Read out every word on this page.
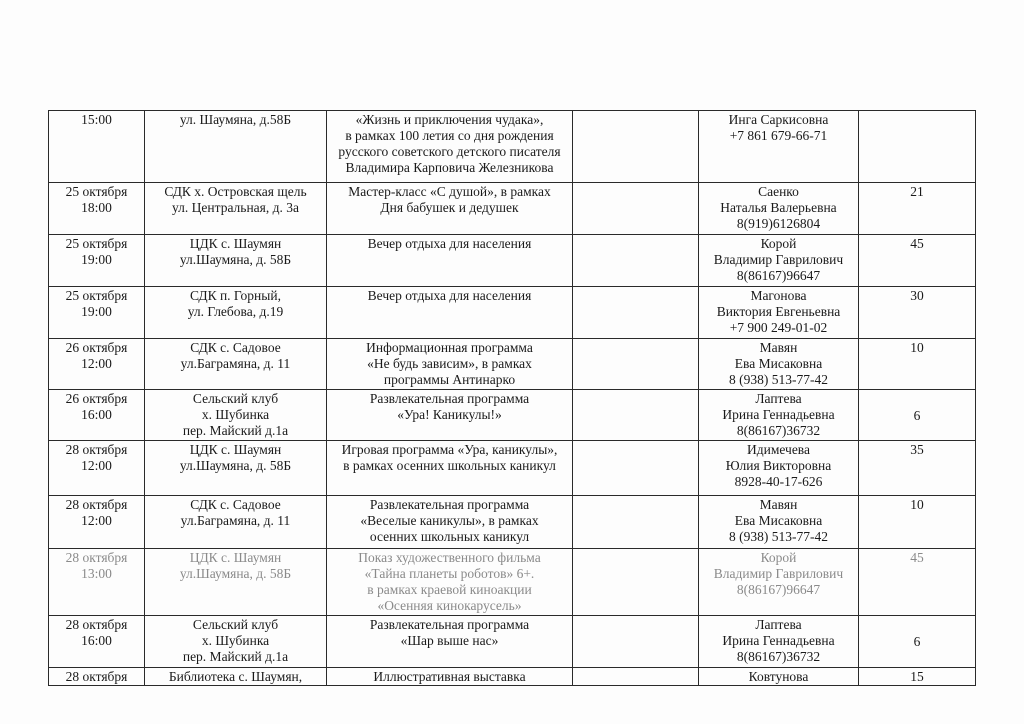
15:00	ул. Шаумяна, д.58Б	«Жизнь и приключения чудака»,
в рамках 100 летия со дня рождения
русского советского детского писателя
Владимира Карповича Железникова		Инга Саркисовна
+7 861 679-66-71	
25 октября
18:00	СДК х. Островская щель
ул. Центральная, д. 3а	Мастер-класс «С душой», в рамках
Дня бабушек и дедушек		Саенко
Наталья Валерьевна
8(919)6126804	21
25 октября
19:00	ЦДК с. Шаумян
ул.Шаумяна, д. 58Б	Вечер отдыха для населения		Корой
Владимир Гаврилович
8(86167)96647	45
25 октября
19:00	СДК п. Горный,
ул. Глебова, д.19	Вечер отдыха для населения		Магонова
Виктория Евгеньевна
+7 900 249-01-02	30
26 октября
12:00	СДК с. Садовое
ул.Баграмяна, д. 11	Информационная программа
«Не будь зависим», в рамках
программы Антинарко		Мавян
Ева Мисаковна
8 (938) 513-77-42	10
26 октября
16:00	Сельский клуб
х. Шубинка
пер. Майский д.1а	Развлекательная программа
«Ура! Каникулы!»		Лаптева
Ирина Геннадьевна
8(86167)36732	6
28 октября
12:00	ЦДК с. Шаумян
ул.Шаумяна, д. 58Б	Игровая программа «Ура, каникулы»,
в рамках осенних школьных каникул		Идимечева
Юлия Викторовна
8928-40-17-626	35
28 октября
12:00	СДК с. Садовое
ул.Баграмяна, д. 11	Развлекательная программа
«Веселые каникулы», в рамках
осенних школьных каникул		Мавян
Ева Мисаковна
8 (938) 513-77-42	10
28 октября
13:00	ЦДК с. Шаумян
ул.Шаумяна, д. 58Б	Показ художественного фильма
«Тайна планеты роботов» 6+.
в рамках краевой киноакции
«Осенняя кинокарусель»		Корой
Владимир Гаврилович
8(86167)96647	45
28 октября
16:00	Сельский клуб
х. Шубинка
пер. Майский д.1а	Развлекательная программа
«Шар выше нас»		Лаптева
Ирина Геннадьевна
8(86167)36732	6
28 октября	Библиотека с. Шаумян,	Иллюстративная выставка		Ковтунова	15
